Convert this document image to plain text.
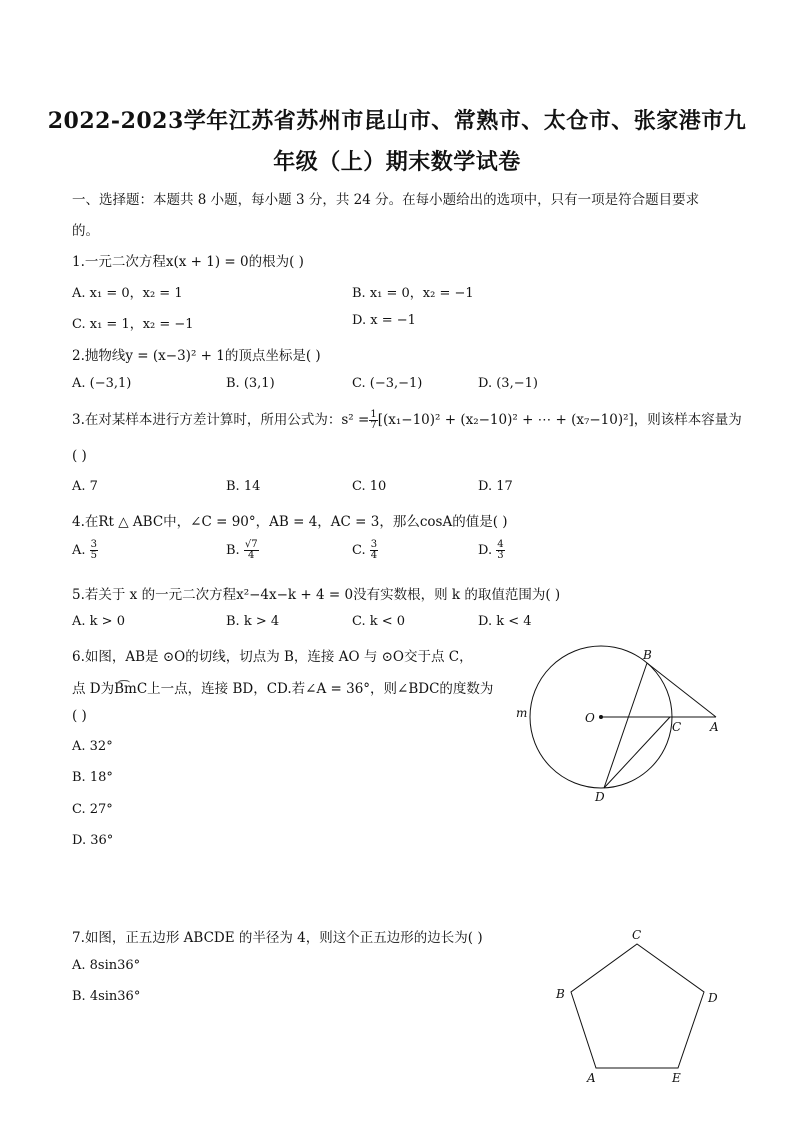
2022-2023学年江苏省苏州市昆山市、常熟市、太仓市、张家港市九
年级（上）期末数学试卷
一、选择题：本题共 8 小题，每小题 3 分，共 24 分。在每小题给出的选项中，只有一项是符合题目要求
的。
1.一元二次方程x(x + 1) = 0的根为( )
A. x₁ = 0，x₂ = 1	B. x₁ = 0，x₂ = −1
C. x₁ = 1，x₂ = −1	D. x = −1
2.抛物线y = (x−3)² + 1的顶点坐标是( )
A. (−3,1)	B. (3,1)	C. (−3,−1)	D. (3,−1)
3.在对某样本进行方差计算时，所用公式为：$s^2 = \frac{1}{7} [(x_1-10)^2 + (x_2-10)^2$ + ⋯ + (x₇−10)²]，则该样本容量为
( )
A. 7	B. 14	C. 10	D. 17
4.在Rt △ ABC中，∠C = 90°，AB = 4，AC = 3，那么cosA的值是( )
A. $\frac{3}{5}$	B. $\frac{√7}{4}$	C. $\frac{3}{4}$	D. $\frac{4}{3}$
5.若关于 x 的一元二次方程x²−4x−k + 4 = 0没有实数根，则 k 的取值范围为( )
A. k > 0	B. k > 4	C. k < 0	D. k < 4
6.如图，AB是 ⊙O的切线，切点为 B，连接 AO 与 ⊙O交于点 C，
点 D为B͡mC上一点，连接 BD，CD.若∠A = 36°，则∠BDC的度数为
( )
A. 32°
B. 18°
C. 27°
D. 36°
B
O
C A
D
m
7.如图，正五边形 ABCDE 的半径为 4，则这个正五边形的边长为( )
A. 8sin36°
B. 4sin36°
C
B	D
A	E
